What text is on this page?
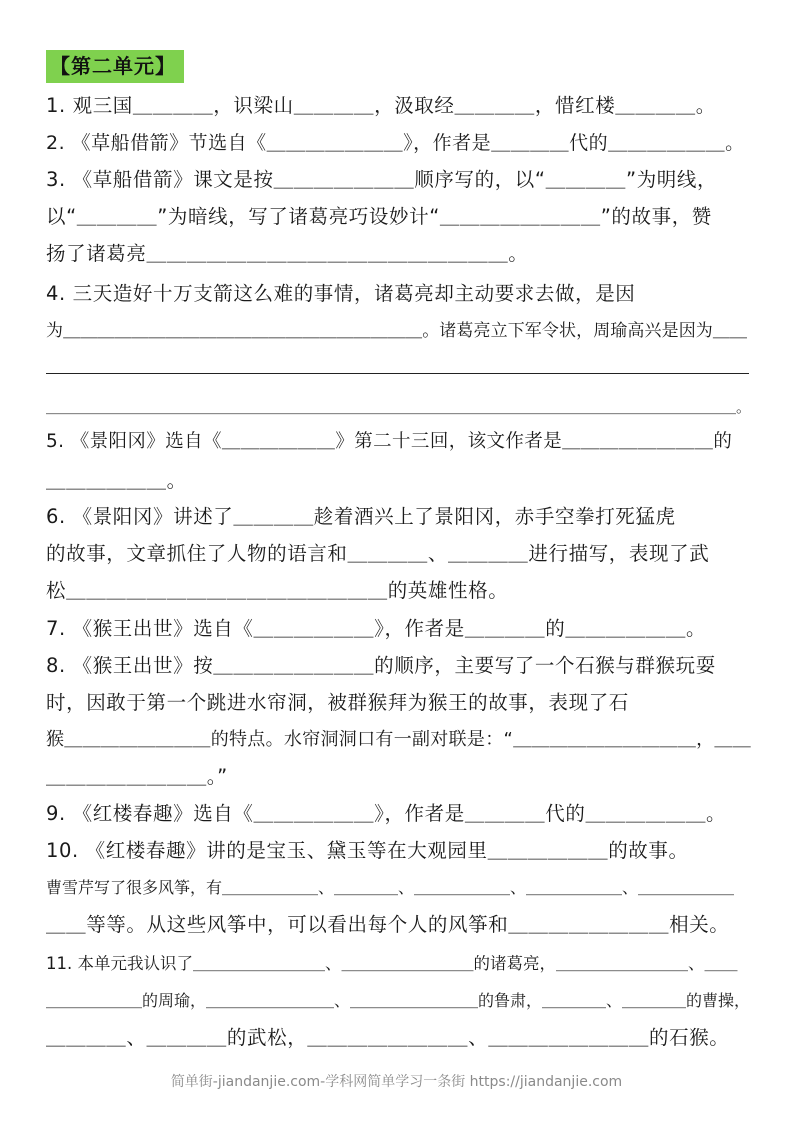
【第二单元】
1. 观三国＿＿＿＿，识梁山＿＿＿＿，汲取经＿＿＿＿，惜红楼＿＿＿＿。
2. 《草船借箭》节选自《＿＿＿＿＿＿＿》，作者是＿＿＿＿代的＿＿＿＿＿＿。
3. 《草船借箭》课文是按＿＿＿＿＿＿＿顺序写的，以“＿＿＿＿”为明线，
以“＿＿＿＿”为暗线，写了诸葛亮巧设妙计“＿＿＿＿＿＿＿＿”的故事，赞
扬了诸葛亮＿＿＿＿＿＿＿＿＿＿＿＿＿＿＿＿＿＿。
4. 三天造好十万支箭这么难的事情，诸葛亮却主动要求去做，是因
为＿＿＿＿＿＿＿＿＿＿＿＿＿＿＿＿＿＿＿＿＿。诸葛亮立下军令状，周瑜高兴是因为＿＿
＿＿＿＿＿＿＿＿＿＿＿＿＿＿＿＿＿＿＿＿＿＿＿＿＿＿＿＿＿＿＿＿＿＿＿＿＿＿＿＿＿＿＿＿＿＿。
5. 《景阳冈》选自《＿＿＿＿＿＿》第二十三回，该文作者是＿＿＿＿＿＿＿＿的
＿＿＿＿＿＿。
6. 《景阳冈》讲述了＿＿＿＿趁着酒兴上了景阳冈，赤手空拳打死猛虎
的故事，文章抓住了人物的语言和＿＿＿＿、＿＿＿＿进行描写，表现了武
松＿＿＿＿＿＿＿＿＿＿＿＿＿＿＿＿的英雄性格。
7. 《猴王出世》选自《＿＿＿＿＿＿》，作者是＿＿＿＿的＿＿＿＿＿＿。
8. 《猴王出世》按＿＿＿＿＿＿＿＿的顺序，主要写了一个石猴与群猴玩耍
时，因敢于第一个跳进水帘洞，被群猴拜为猴王的故事，表现了石
猴＿＿＿＿＿＿＿＿的特点。水帘洞洞口有一副对联是：“＿＿＿＿＿＿＿＿＿＿，＿＿
＿＿＿＿＿＿＿＿。”
9. 《红楼春趣》选自《＿＿＿＿＿＿》，作者是＿＿＿＿代的＿＿＿＿＿＿。
10. 《红楼春趣》讲的是宝玉、黛玉等在大观园里＿＿＿＿＿＿的故事。
曹雪芹写了很多风筝，有＿＿＿＿＿＿、＿＿＿＿、＿＿＿＿＿＿、＿＿＿＿＿＿、＿＿＿＿＿＿
＿＿等等。从这些风筝中，可以看出每个人的风筝和＿＿＿＿＿＿＿＿相关。
11. 本单元我认识了＿＿＿＿＿＿＿＿、＿＿＿＿＿＿＿＿的诸葛亮，＿＿＿＿＿＿＿＿、＿＿
＿＿＿＿＿＿的周瑜，＿＿＿＿＿＿＿＿、＿＿＿＿＿＿＿＿的鲁肃，＿＿＿＿、＿＿＿＿的曹操，
＿＿＿＿、＿＿＿＿的武松，＿＿＿＿＿＿＿＿、＿＿＿＿＿＿＿＿的石猴。
简单街-jiandanjie.com-学科网简单学习一条街 https://jiandanjie.com
